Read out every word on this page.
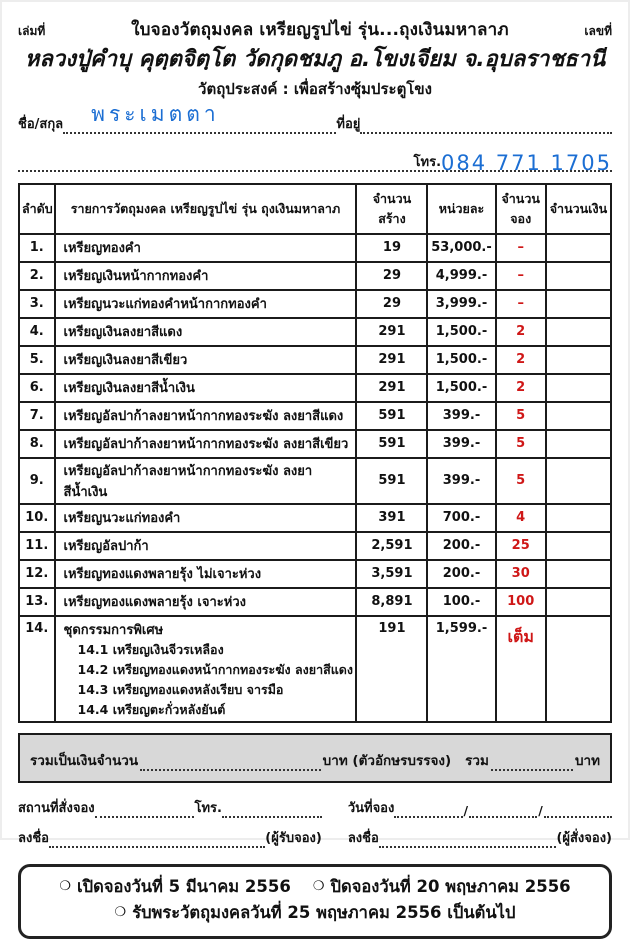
เล่มที่	ใบจองวัตถุมงคล เหรียญรูปไข่ รุ่น...ถุงเงินมหาลาภ	เลขที่
หลวงปู่คำบุ คุตฺตจิตฺโต วัดกุดชมภู อ.โขงเจียม จ.อุบลราชธานี
วัตถุประสงค์ : เพื่อสร้างซุ้มประตูโขง
ชื่อ/สกุล พระเมตตา	ที่อยู่
โทร. 084 771 1705
ลำดับ	รายการวัตถุมงคล เหรียญรูปไข่ รุ่น ถุงเงินมหาลาภ	จำนวนสร้าง	หน่วยละ	จำนวนจอง	จำนวนเงิน
1.	เหรียญทองคำ	19	53,000.-	–	
2.	เหรียญเงินหน้ากากทองคำ	29	4,999.-	–	
3.	เหรียญนวะแก่ทองคำหน้ากากทองคำ	29	3,999.-	–	
4.	เหรียญเงินลงยาสีแดง	291	1,500.-	2	
5.	เหรียญเงินลงยาสีเขียว	291	1,500.-	2	
6.	เหรียญเงินลงยาสีน้ำเงิน	291	1,500.-	2	
7.	เหรียญอัลปาก้าลงยาหน้ากากทองระฆัง ลงยาสีแดง	591	399.-	5	
8.	เหรียญอัลปาก้าลงยาหน้ากากทองระฆัง ลงยาสีเขียว	591	399.-	5	
9.	เหรียญอัลปาก้าลงยาหน้ากากทองระฆัง ลงยาสีน้ำเงิน	591	399.-	5	
10.	เหรียญนวะแก่ทองคำ	391	700.-	4	
11.	เหรียญอัลปาก้า	2,591	200.-	25	
12.	เหรียญทองแดงพลายรุ้ง ไม่เจาะห่วง	3,591	200.-	30	
13.	เหรียญทองแดงพลายรุ้ง เจาะห่วง	8,891	100.-	100	
14.	ชุดกรรมการพิเศษ
14.1 เหรียญเงินจีวรเหลือง
14.2 เหรียญทองแดงหน้ากากทองระฆัง ลงยาสีแดง
14.3 เหรียญทองแดงหลังเรียบ จารมือ
14.4 เหรียญตะกั่วหลังยันต์	191	1,599.-	เต็ม	
รวมเป็นเงินจำนวน	บาท (ตัวอักษรบรรจง) รวม	บาท
สถานที่สั่งจอง	โทร.	วันที่จอง	/	/
ลงชื่อ	(ผู้รับจอง) ลงชื่อ	(ผู้สั่งจอง)
❍ เปิดจองวันที่ 5 มีนาคม 2556 ❍ ปิดจองวันที่ 20 พฤษภาคม 2556
❍ รับพระวัตถุมงคลวันที่ 25 พฤษภาคม 2556 เป็นต้นไป
